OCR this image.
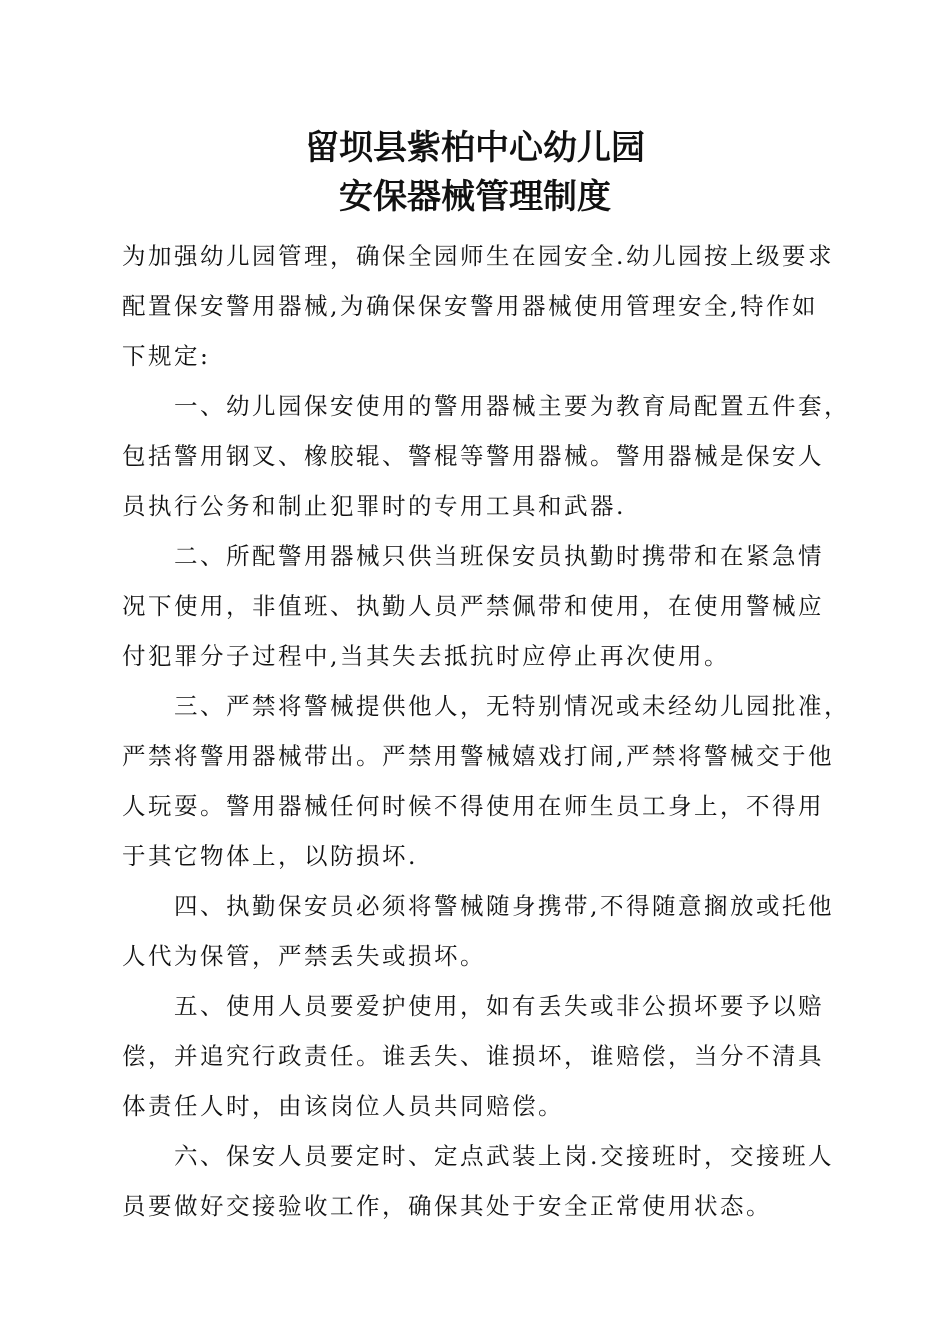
留坝县紫柏中心幼儿园
安保器械管理制度
为加强幼儿园管理，确保全园师生在园安全.幼儿园按上级要求
配置保安警用器械,为确保保安警用器械使用管理安全,特作如
下规定:
一、幼儿园保安使用的警用器械主要为教育局配置五件套，
包括警用钢叉、橡胶辊、警棍等警用器械。警用器械是保安人
员执行公务和制止犯罪时的专用工具和武器.
二、所配警用器械只供当班保安员执勤时携带和在紧急情
况下使用，非值班、执勤人员严禁佩带和使用，在使用警械应
付犯罪分子过程中,当其失去抵抗时应停止再次使用。
三、严禁将警械提供他人，无特别情况或未经幼儿园批准，
严禁将警用器械带出。严禁用警械嬉戏打闹,严禁将警械交于他
人玩耍。警用器械任何时候不得使用在师生员工身上，不得用
于其它物体上，以防损坏.
四、执勤保安员必须将警械随身携带,不得随意搁放或托他
人代为保管，严禁丢失或损坏。
五、使用人员要爱护使用，如有丢失或非公损坏要予以赔
偿，并追究行政责任。谁丢失、谁损坏，谁赔偿，当分不清具
体责任人时，由该岗位人员共同赔偿。
六、保安人员要定时、定点武装上岗.交接班时，交接班人
员要做好交接验收工作，确保其处于安全正常使用状态。
